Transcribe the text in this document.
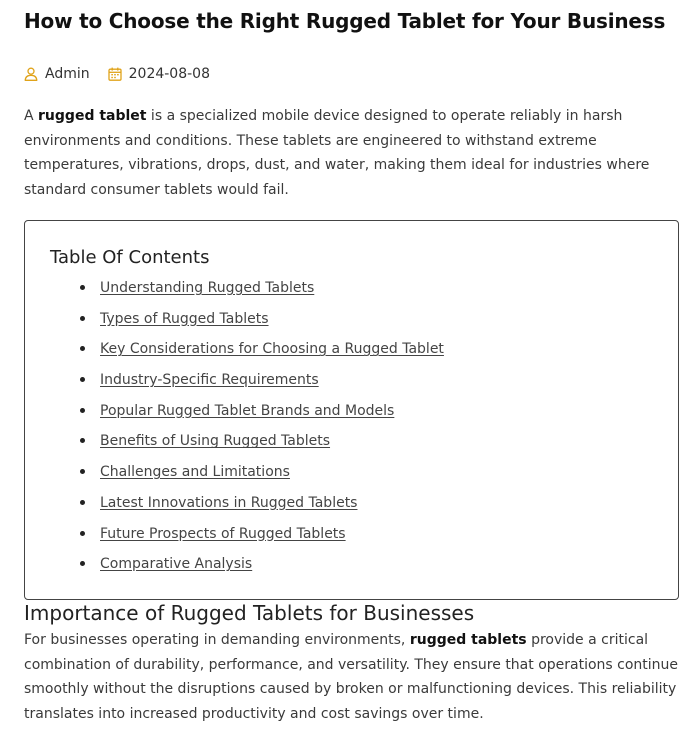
How to Choose the Right Rugged Tablet for Your Business
Admin	2024-08-08

A rugged tablet is a specialized mobile device designed to operate reliably in harsh environments and conditions. These tablets are engineered to withstand extreme temperatures, vibrations, drops, dust, and water, making them ideal for industries where standard consumer tablets would fail.

Table Of Contents
Understanding Rugged Tablets
Types of Rugged Tablets
Key Considerations for Choosing a Rugged Tablet
Industry-Specific Requirements
Popular Rugged Tablet Brands and Models
Benefits of Using Rugged Tablets
Challenges and Limitations
Latest Innovations in Rugged Tablets
Future Prospects of Rugged Tablets
Comparative Analysis
Importance of Rugged Tablets for Businesses

For businesses operating in demanding environments, rugged tablets provide a critical combination of durability, performance, and versatility. They ensure that operations continue smoothly without the disruptions caused by broken or malfunctioning devices. This reliability translates into increased productivity and cost savings over time.
